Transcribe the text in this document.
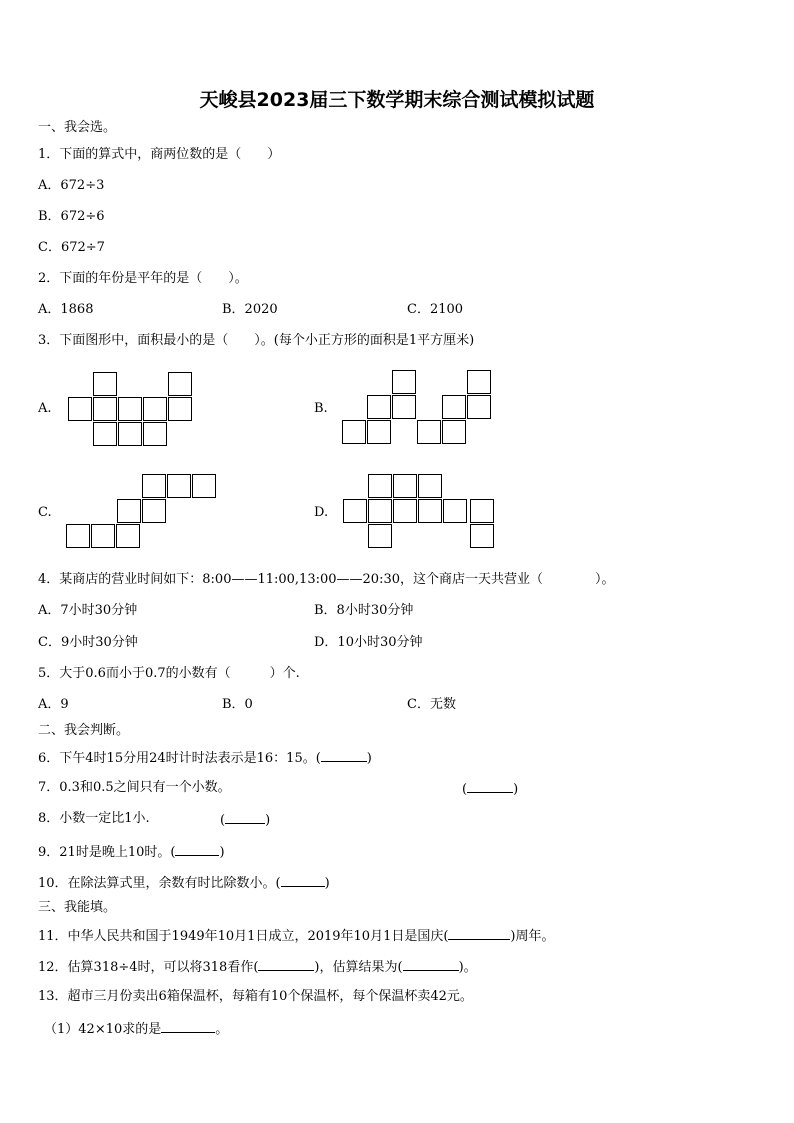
天峻县2023届三下数学期末综合测试模拟试题
一、我会选。
1．下面的算式中，商两位数的是（　　）
A．672÷3
B．672÷6
C．672÷7
2．下面的年份是平年的是（　　）。
A．1868	B．2020	C．2100
3．下面图形中，面积最小的是（　　）。(每个小正方形的面积是1平方厘米)
A.	B.
C.	D.
4．某商店的营业时间如下：8:00——11:00,13:00——20:30，这个商店一天共营业（　　　　）。
A．7小时30分钟	B．8小时30分钟
C．9小时30分钟	D．10小时30分钟
5．大于0.6而小于0.7的小数有（　　　）个.
A．9	B．0	C．无数
二、我会判断。
6．下午4时15分用24时计时法表示是16：15。(	)
7．0.3和0.5之间只有一个小数。	(	)
8．小数一定比1小.	(	)
9．21时是晚上10时。(	)
10．在除法算式里，余数有时比除数小。(	)
三、我能填。
11．中华人民共和国于1949年10月1日成立，2019年10月1日是国庆(	)周年。
12．估算318÷4时，可以将318看作(	)，估算结果为(	)。
13．超市三月份卖出6箱保温杯，每箱有10个保温杯，每个保温杯卖42元。
（1）42×10求的是	。
